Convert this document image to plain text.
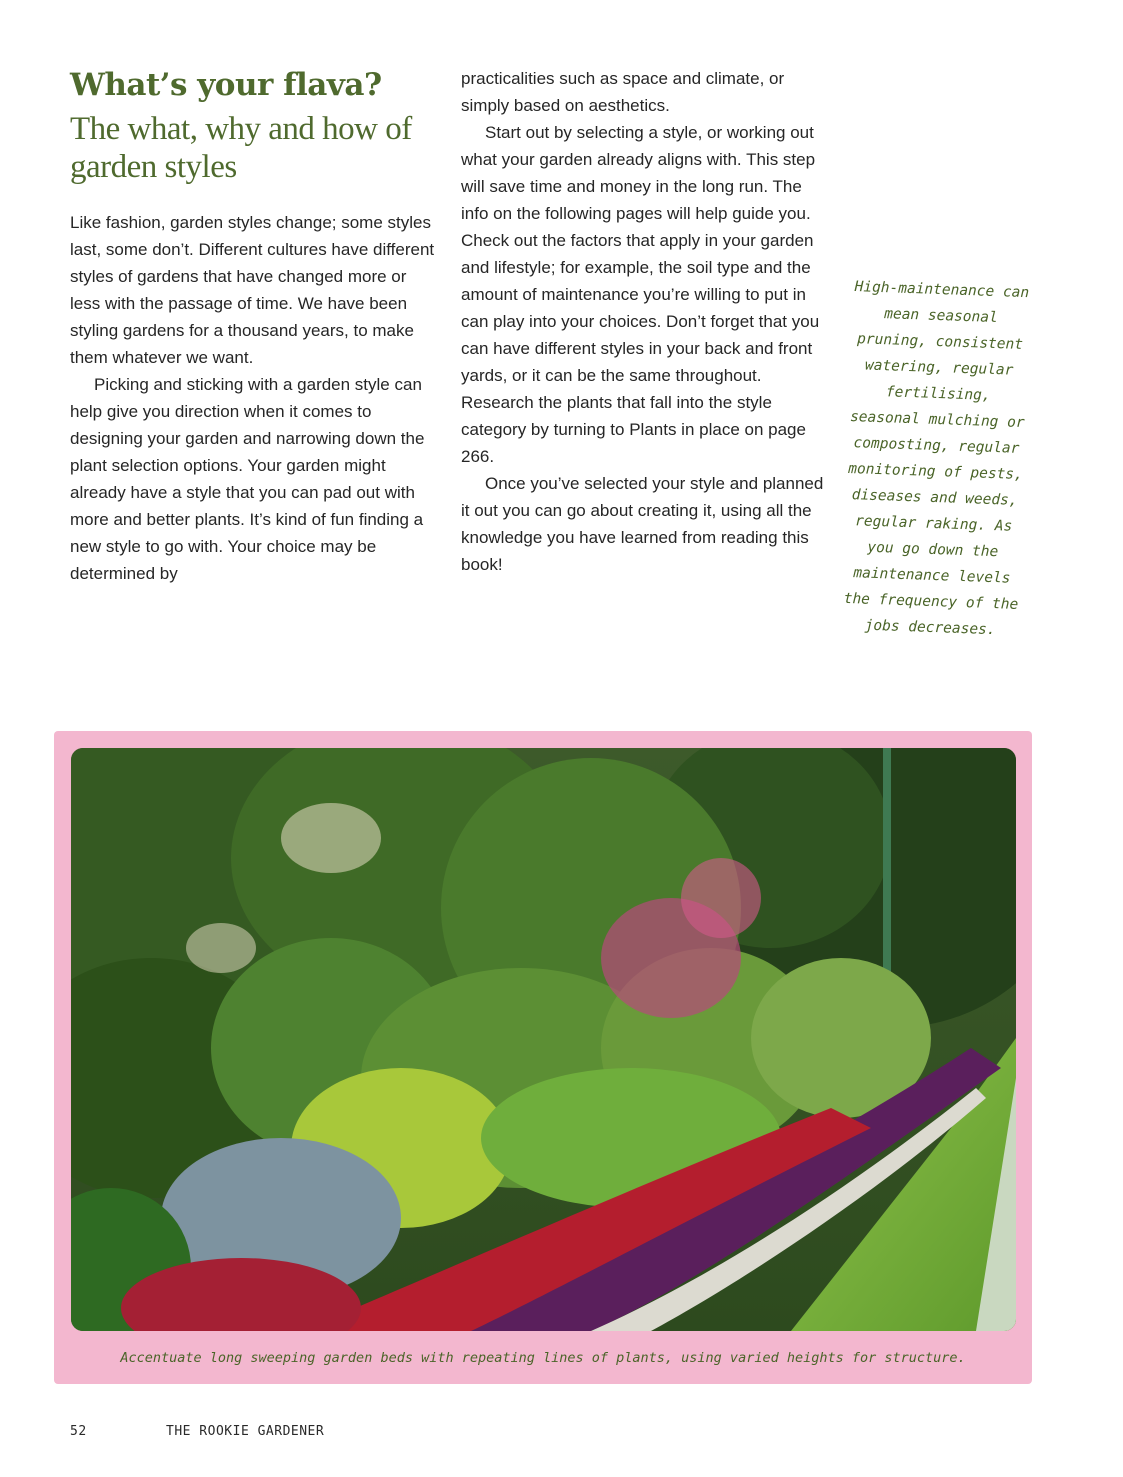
What’s your flava?
The what, why and how of garden styles

Like fashion, garden styles change; some styles last, some don’t. Different cultures have different styles of gardens that have changed more or less with the passage of time. We have been styling gardens for a thousand years, to make them whatever we want.

Picking and sticking with a garden style can help give you direction when it comes to designing your garden and narrowing down the plant selection options. Your garden might already have a style that you can pad out with more and better plants. It’s kind of fun finding a new style to go with. Your choice may be determined by

practicalities such as space and climate, or simply based on aesthetics.

Start out by selecting a style, or working out what your garden already aligns with. This step will save time and money in the long run. The info on the following pages will help guide you. Check out the factors that apply in your garden and lifestyle; for example, the soil type and the amount of maintenance you’re willing to put in can play into your choices. Don’t forget that you can have different styles in your back and front yards, or it can be the same throughout. Research the plants that fall into the style category by turning to Plants in place on page 266.

Once you’ve selected your style and planned it out you can go about creating it, using all the knowledge you have learned from reading this book!

High-maintenance can mean seasonal pruning, consistent watering, regular fertilising, seasonal mulching or composting, regular monitoring of pests, diseases and weeds, regular raking. As you go down the maintenance levels the frequency of the jobs decreases.
Accentuate long sweeping garden beds with repeating lines of plants, using varied heights for structure.
52	THE ROOKIE GARDENER
